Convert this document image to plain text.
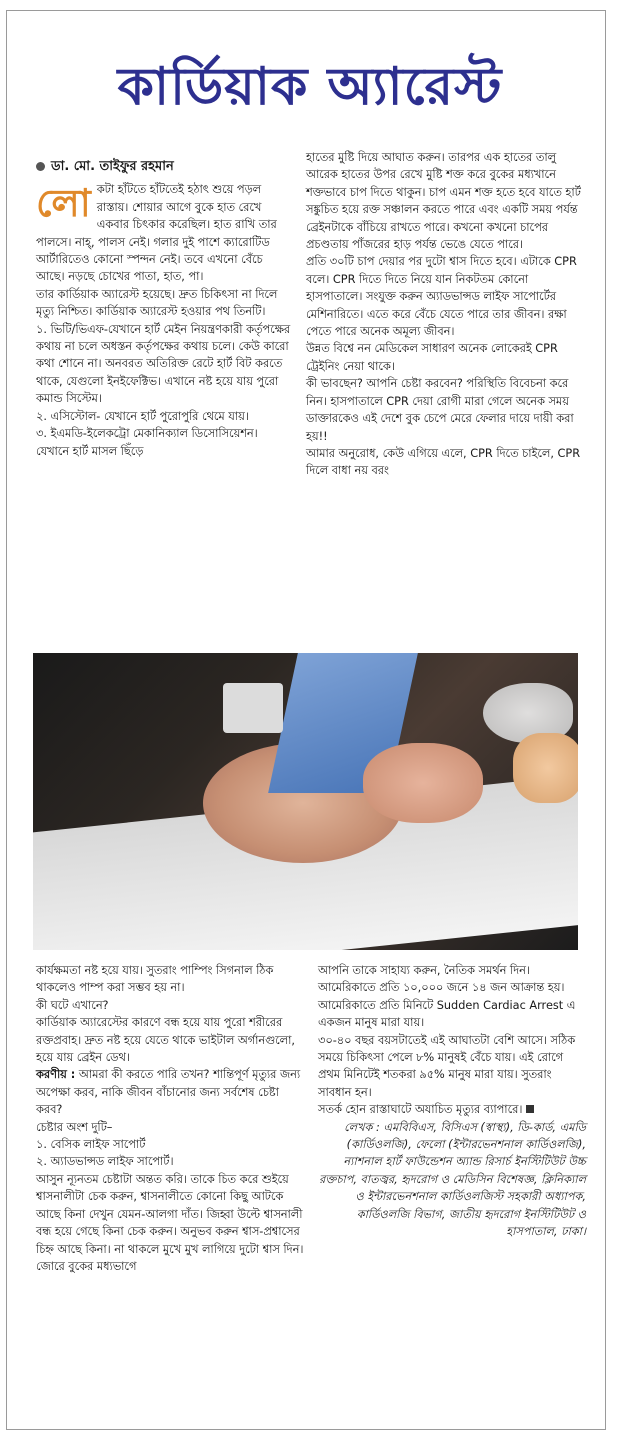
কার্ডিয়াক অ্যারেস্ট
ডা. মো. তাইফুর রহমান

লোকটা হাঁটতে হাঁটতেই হঠাৎ শুয়ে পড়ল রাস্তায়। শোয়ার আগে বুকে হাত রেখে একবার চিৎকার করেছিল। হাত রাখি তার পালসে। নাহ্, পালস নেই। গলার দুই পাশে ক্যারোটিড আর্টারিতেও কোনো স্পন্দন নেই। তবে এখনো বেঁচে আছে। নড়ছে চোখের পাতা, হাত, পা।

তার কার্ডিয়াক অ্যারেস্ট হয়েছে। দ্রুত চিকিৎসা না দিলে মৃত্যু নিশ্চিত। কার্ডিয়াক অ্যারেস্ট হওয়ার পথ তিনটি।

১. ভিটি/ভিএফ-যেখানে হার্ট মেইন নিয়ন্ত্রণকারী কর্তৃপক্ষের কথায় না চলে অধস্তন কর্তৃপক্ষের কথায় চলে। কেউ কারো কথা শোনে না। অনবরত অতিরিক্ত রেটে হার্ট বিট করতে থাকে, যেগুলো ইনইফেক্টিভ। এখানে নষ্ট হয়ে যায় পুরো কমান্ড সিস্টেম।

২. এসিস্টোল- যেখানে হার্ট পুরোপুরি থেমে যায়।

৩. ইএমডি-ইলেকট্রো মেকানিক্যাল ডিসোসিয়েশন। যেখানে হার্ট মাসল ছিঁড়ে

হাতের মুষ্টি দিয়ে আঘাত করুন। তারপর এক হাতের তালু আরেক হাতের উপর রেখে মুষ্টি শক্ত করে বুকের মধ্যখানে শক্তভাবে চাপ দিতে থাকুন। চাপ এমন শক্ত হতে হবে যাতে হার্ট সঙ্কুচিত হয়ে রক্ত সঞ্চালন করতে পারে এবং একটি সময় পর্যন্ত ব্রেইনটাকে বাঁচিয়ে রাখতে পারে। কখনো কখনো চাপের প্রচণ্ডতায় পাঁজরের হাড় পর্যন্ত ভেঙে যেতে পারে।

প্রতি ৩০টি চাপ দেয়ার পর দুটো শ্বাস দিতে হবে। এটাকে CPR বলে। CPR দিতে দিতে নিয়ে যান নিকটতম কোনো হাসপাতালে। সংযুক্ত করুন অ্যাডভান্সড লাইফ সাপোর্টের মেশিনারিতে। এতে করে বেঁচে যেতে পারে তার জীবন। রক্ষা পেতে পারে অনেক অমূল্য জীবন।

উন্নত বিশ্বে নন মেডিকেল সাধারণ অনেক লোকেরই CPR ট্রেইনিং নেয়া থাকে।

কী ভাবছেন? আপনি চেষ্টা করবেন? পরিস্থিতি বিবেচনা করে নিন। হাসপাতালে CPR দেয়া রোগী মারা গেলে অনেক সময় ডাক্তারকেও এই দেশে বুক চেপে মেরে ফেলার দায়ে দায়ী করা হয়!!

আমার অনুরোধ, কেউ এগিয়ে এলে, CPR দিতে চাইলে, CPR দিলে বাধা নয় বরং

কার্যক্ষমতা নষ্ট হয়ে যায়। সুতরাং পাম্পিং সিগনাল ঠিক থাকলেও পাম্প করা সম্ভব হয় না।

কী ঘটে এখানে?

কার্ডিয়াক অ্যারেস্টের কারণে বন্ধ হয়ে যায় পুরো শরীরের রক্তপ্রবাহ। দ্রুত নষ্ট হয়ে যেতে থাকে ভাইটাল অর্গানগুলো, হয়ে যায় ব্রেইন ডেথ।

করণীয় : আমরা কী করতে পারি তখন? শান্তিপূর্ণ মৃত্যুর জন্য অপেক্ষা করব, নাকি জীবন বাঁচানোর জন্য সর্বশেষ চেষ্টা করব?

চেষ্টার অংশ দুটি–

১. বেসিক লাইফ সাপোর্ট

২. অ্যাডভান্সড লাইফ সাপোর্ট।

আসুন ন্যূনতম চেষ্টাটা অন্তত করি। তাকে চিত করে শুইয়ে শ্বাসনালীটা চেক করুন, শ্বাসনালীতে কোনো কিছু আটকে আছে কিনা দেখুন যেমন-আলগা দাঁত। জিহ্বা উল্টে শ্বাসনালী বন্ধ হয়ে গেছে কিনা চেক করুন। অনুভব করুন শ্বাস-প্রশ্বাসের চিহ্ন আছে কিনা। না থাকলে মুখে মুখ লাগিয়ে দুটো শ্বাস দিন। জোরে বুকের মধ্যভাগে

আপনি তাকে সাহায্য করুন, নৈতিক সমর্থন দিন।

আমেরিকাতে প্রতি ১০,০০০ জনে ১৪ জন আক্রান্ত হয়। আমেরিকাতে প্রতি মিনিটে Sudden Cardiac Arrest এ একজন মানুষ মারা যায়।

৩০-৪০ বছর বয়সটাতেই এই আঘাতটা বেশি আসে। সঠিক সময়ে চিকিৎসা পেলে ৮% মানুষই বেঁচে যায়। এই রোগে প্রথম মিনিটেই শতকরা ৯৫% মানুষ মারা যায়। সুতরাং সাবধান হন।

সতর্ক হোন রাস্তাঘাটে অযাচিত মৃত্যুর ব্যাপারে।

লেখক : এমবিবিএস, বিসিএস (স্বাস্থ্য), ডি-কার্ড, এমডি (কার্ডিওলজি), ফেলো (ইন্টারভেনশনাল কার্ডিওলজি), ন্যাশনাল হার্ট ফাউন্ডেশন অ্যান্ড রিসার্চ ইনস্টিটিউট উচ্চ রক্তচাপ, বাতজ্বর, হৃদরোগ ও মেডিসিন বিশেষজ্ঞ, ক্লিনিক্যাল ও ইন্টারভেনশনাল কার্ডিওলজিস্ট সহকারী অধ্যাপক, কার্ডিওলজি বিভাগ, জাতীয় হৃদরোগ ইনস্টিটিউট ও হাসপাতাল, ঢাকা।
